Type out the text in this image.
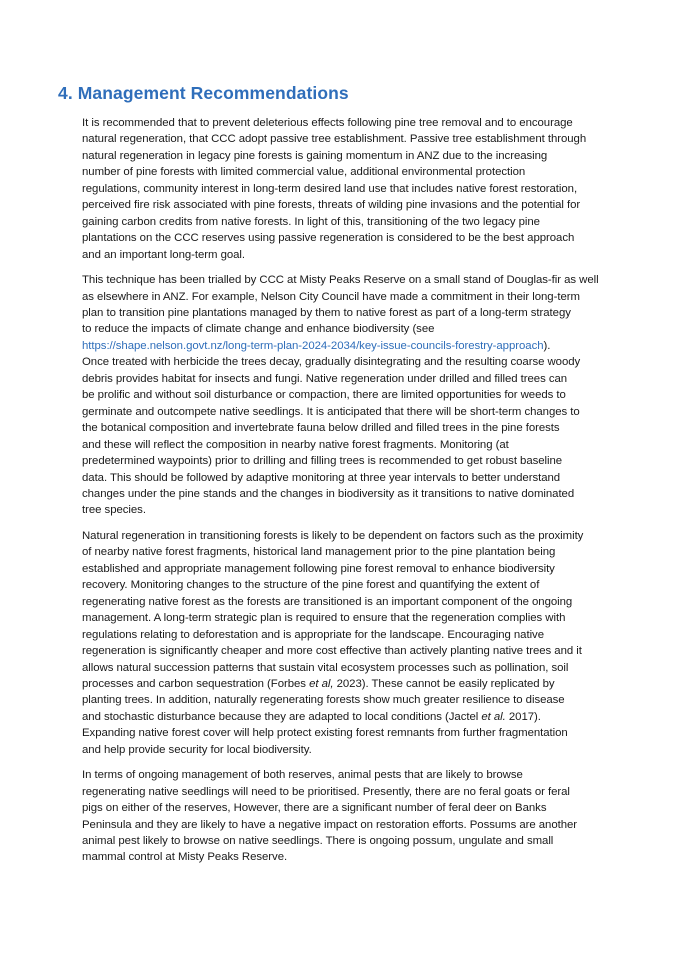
4. Management Recommendations

It is recommended that to prevent deleterious effects following pine tree removal and to encourage
natural regeneration, that CCC adopt passive tree establishment. Passive tree establishment through
natural regeneration in legacy pine forests is gaining momentum in ANZ due to the increasing
number of pine forests with limited commercial value, additional environmental protection
regulations, community interest in long-term desired land use that includes native forest restoration,
perceived fire risk associated with pine forests, threats of wilding pine invasions and the potential for
gaining carbon credits from native forests. In light of this, transitioning of the two legacy pine
plantations on the CCC reserves using passive regeneration is considered to be the best approach
and an important long-term goal.

This technique has been trialled by CCC at Misty Peaks Reserve on a small stand of Douglas-fir as well
as elsewhere in ANZ. For example, Nelson City Council have made a commitment in their long-term
plan to transition pine plantations managed by them to native forest as part of a long-term strategy
to reduce the impacts of climate change and enhance biodiversity (see
https://shape.nelson.govt.nz/long-term-plan-2024-2034/key-issue-councils-forestry-approach).
Once treated with herbicide the trees decay, gradually disintegrating and the resulting coarse woody
debris provides habitat for insects and fungi. Native regeneration under drilled and filled trees can
be prolific and without soil disturbance or compaction, there are limited opportunities for weeds to
germinate and outcompete native seedlings. It is anticipated that there will be short-term changes to
the botanical composition and invertebrate fauna below drilled and filled trees in the pine forests
and these will reflect the composition in nearby native forest fragments. Monitoring (at
predetermined waypoints) prior to drilling and filling trees is recommended to get robust baseline
data. This should be followed by adaptive monitoring at three year intervals to better understand
changes under the pine stands and the changes in biodiversity as it transitions to native dominated
tree species.

Natural regeneration in transitioning forests is likely to be dependent on factors such as the proximity
of nearby native forest fragments, historical land management prior to the pine plantation being
established and appropriate management following pine forest removal to enhance biodiversity
recovery. Monitoring changes to the structure of the pine forest and quantifying the extent of
regenerating native forest as the forests are transitioned is an important component of the ongoing
management. A long-term strategic plan is required to ensure that the regeneration complies with
regulations relating to deforestation and is appropriate for the landscape. Encouraging native
regeneration is significantly cheaper and more cost effective than actively planting native trees and it
allows natural succession patterns that sustain vital ecosystem processes such as pollination, soil
processes and carbon sequestration (Forbes et al, 2023). These cannot be easily replicated by
planting trees. In addition, naturally regenerating forests show much greater resilience to disease
and stochastic disturbance because they are adapted to local conditions (Jactel et al. 2017).
Expanding native forest cover will help protect existing forest remnants from further fragmentation
and help provide security for local biodiversity.

In terms of ongoing management of both reserves, animal pests that are likely to browse
regenerating native seedlings will need to be prioritised. Presently, there are no feral goats or feral
pigs on either of the reserves, However, there are a significant number of feral deer on Banks
Peninsula and they are likely to have a negative impact on restoration efforts. Possums are another
animal pest likely to browse on native seedlings. There is ongoing possum, ungulate and small
mammal control at Misty Peaks Reserve.
